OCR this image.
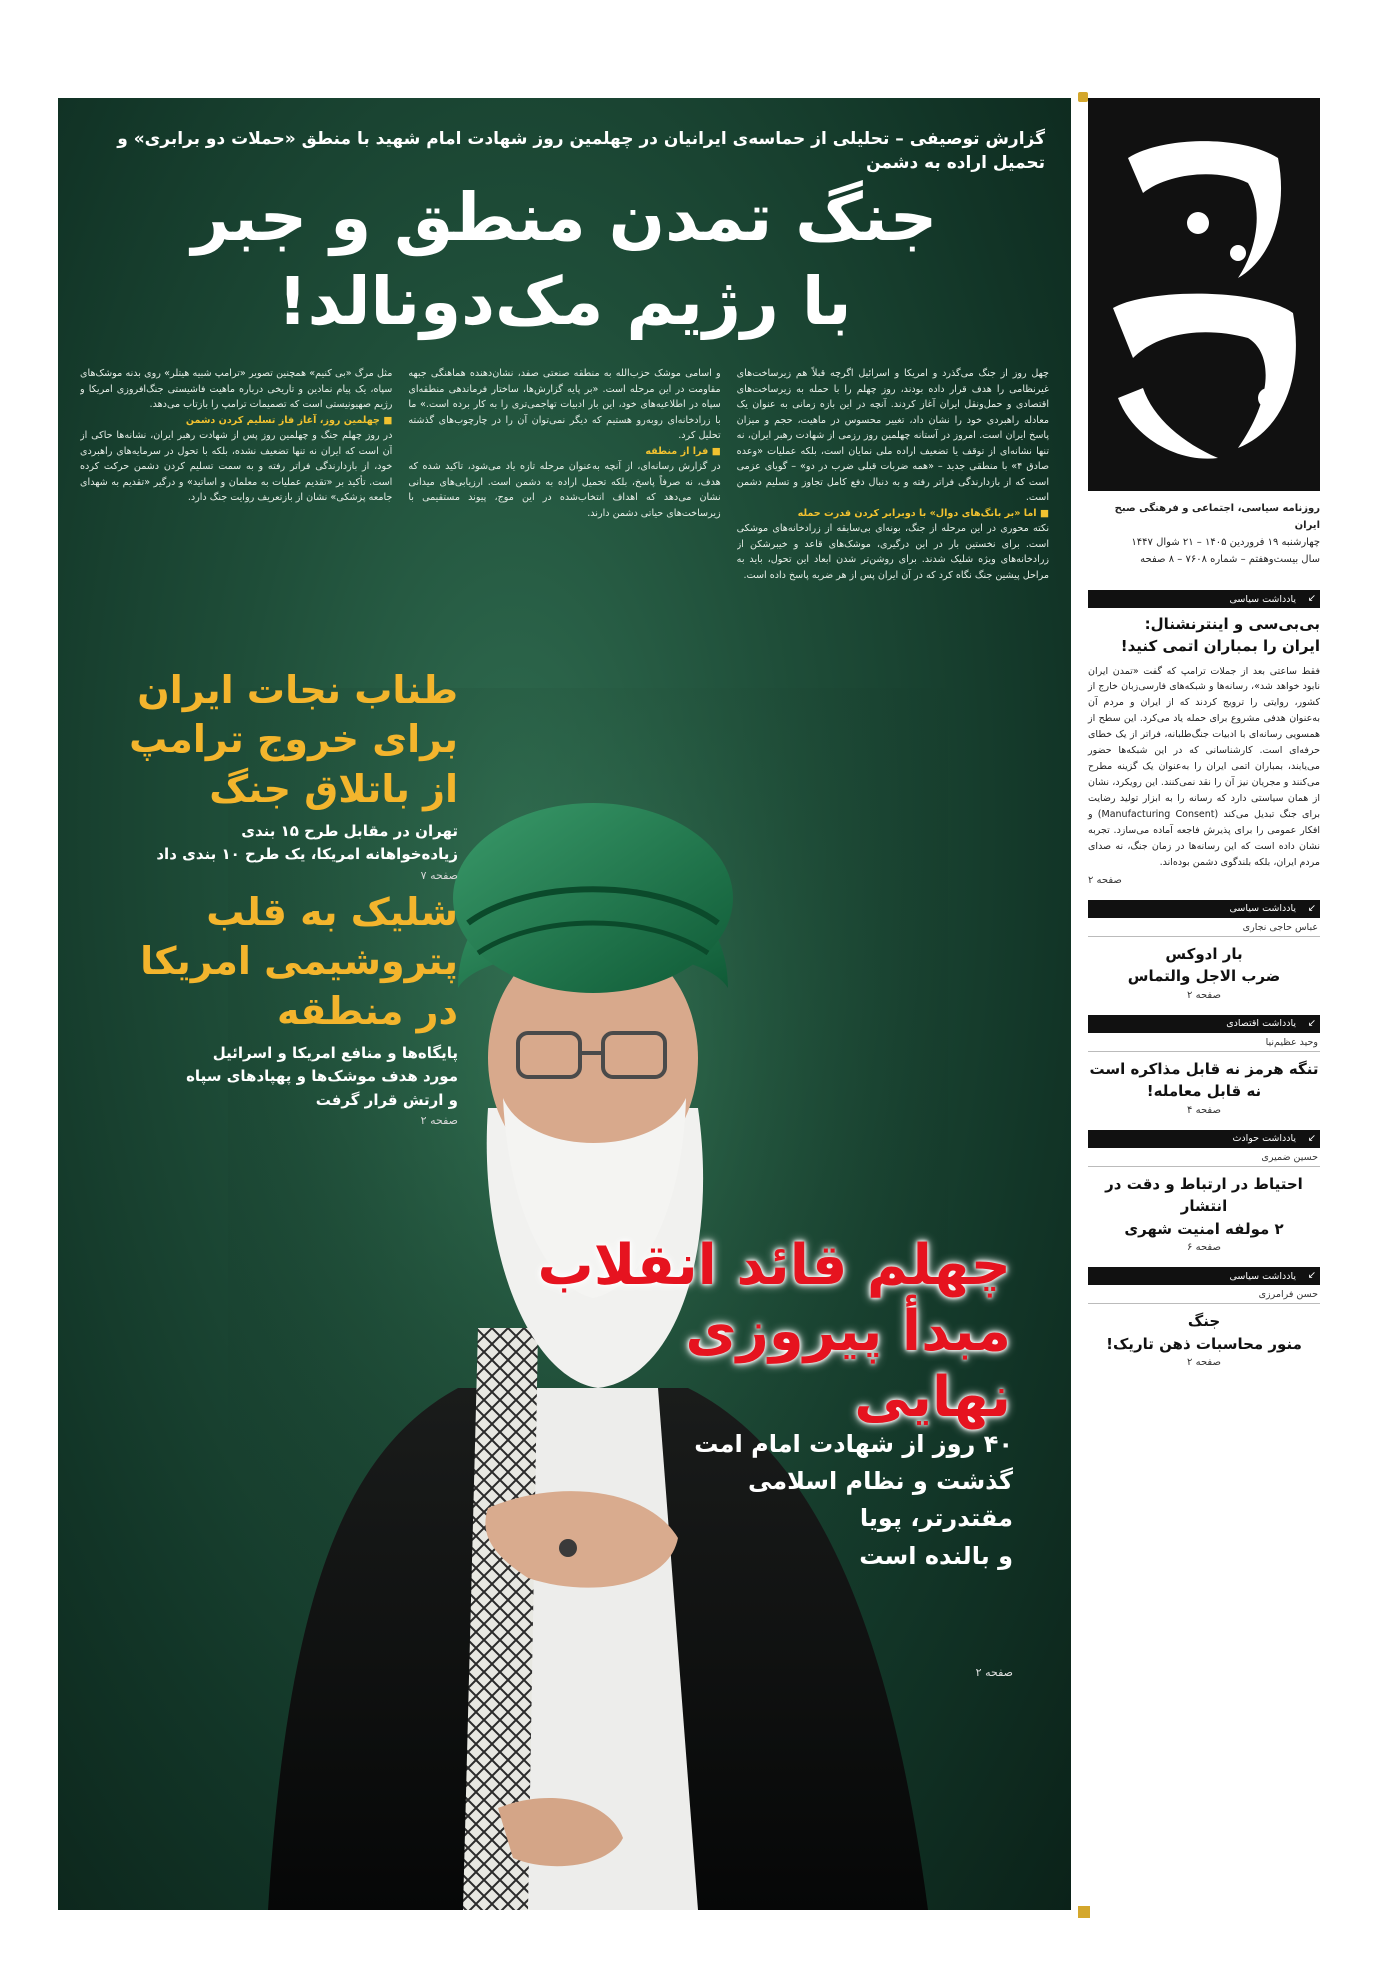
گزارش توصیفی – تحلیلی از حماسه‌ی ایرانیان در چهلمین روز شهادت امام شهید با منطق «حملات دو برابری» و تحمیل اراده به دشمن
جنگ تمدن منطق و جبر
با رژیم مک‌دونالد!
چهل روز از جنگ می‌گذرد و امریکا و اسرائیل اگرچه قبلاً هم زیرساخت‌های غیرنظامی را هدف قرار داده بودند، روز چهلم را با حمله به زیرساخت‌های اقتصادی و حمل‌ونقل ایران آغاز کردند. آنچه در این بازه زمانی به عنوان یک معادله راهبردی خود را نشان داد، تغییر محسوس در ماهیت، حجم و میزان پاسخ ایران است. امروز در آستانه چهلمین روز رزمی از شهادت رهبر ایران، نه تنها نشانه‌ای از توقف یا تضعیف اراده ملی نمایان است، بلکه عملیات «وعده صادق ۴» با منطقی جدید – «همه ضربات قبلی ضرب در دو» – گویای عزمی است که از بازدارندگی فراتر رفته و به دنبال دفع کامل تجاوز و تسلیم دشمن است.
■ اما «بر بانگ‌های دوال» با دوبرابر کردن قدرت حمله
نکته محوری در این مرحله از جنگ، بونه‌ای بی‌سابقه از زرادخانه‌های موشکی است. برای نخستین بار در این درگیری، موشک‌های قاعد و خیبرشکن از زرادخانه‌های ویژه شلیک شدند. برای روشن‌تر شدن ابعاد این تحول، باید به مراحل پیشین جنگ نگاه کرد که در آن ایران پس از هر ضربه پاسخ داده است.
و اسامی موشک حزب‌الله به منطقه صنعتی صفد، نشان‌دهنده هماهنگی جبهه مقاومت در این مرحله است. «بر پایه گزارش‌ها، ساختار فرماندهی منطقه‌ای سپاه در اطلاعیه‌های خود، این بار ادبیات تهاجمی‌تری را به کار برده است.» ما با زرادخانه‌ای روبه‌رو هستیم که دیگر نمی‌توان آن را در چارچوب‌های گذشته تحلیل کرد.
■ فرا از منطقه
در گزارش رسانه‌ای، از آنچه به‌عنوان مرحله تازه یاد می‌شود، تاکید شده که هدف، نه صرفاً پاسخ، بلکه تحمیل اراده به دشمن است. ارزیابی‌های میدانی نشان می‌دهد که اهداف انتخاب‌شده در این موج، پیوند مستقیمی با زیرساخت‌های حیاتی دشمن دارند.
مثل مرگ «بی کنیم» همچنین تصویر «ترامپ شبیه هیتلر» روی بدنه موشک‌های سپاه، یک پیام نمادین و تاریخی درباره ماهیت فاشیستی جنگ‌افروزی امریکا و رژیم صهیونیستی است که تصمیمات ترامپ را بازتاب می‌دهد.
■ چهلمین روز، آغاز فاز تسلیم کردن دشمن
در روز چهلم جنگ و چهلمین روز پس از شهادت رهبر ایران، نشانه‌ها حاکی از آن است که ایران نه تنها تضعیف نشده، بلکه با تحول در سرمایه‌های راهبردی خود، از بازدارندگی فراتر رفته و به سمت تسلیم کردن دشمن حرکت کرده است. تأکید بر «تقدیم عملیات به معلمان و اساتید» و درگیر «تقدیم به شهدای جامعه پزشکی» نشان از بازتعریف روایت جنگ دارد.
طناب نجات ایران
برای خروج ترامپ
از باتلاق جنگ
تهران در مقابل طرح ۱۵ بندی
زیاده‌خواهانه امریکا، یک طرح ۱۰ بندی داد
صفحه ۷
شلیک به قلب
پتروشیمی امریکا
در منطقه
پایگاه‌ها و منافع امریکا و اسرائیل
مورد هدف موشک‌ها و پهپادهای سپاه
و ارتش قرار گرفت
صفحه ۲
چهلم قائد انقلاب
مبدأ پیروزی نهایی
۴۰ روز از شهادت امام امت
گذشت و نظام اسلامی
مقتدرتر، پویا
و بالنده است
صفحه ۲
روزنامه سیاسی، اجتماعی و فرهنگی صبح ایران
چهارشنبه ۱۹ فروردین ۱۴۰۵ – ۲۱ شوال ۱۴۴۷
سال بیست‌وهفتم – شماره ۷۶۰۸ – ۸ صفحه
↙
یادداشت سیاسی
بی‌بی‌سی و اینترنشنال:
ایران را بمباران اتمی کنید!
فقط ساعتی بعد از جملات ترامپ که گفت «تمدن ایران نابود خواهد شد»، رسانه‌ها و شبکه‌های فارسی‌زبان خارج از کشور، روایتی را ترویج کردند که از ایران و مردم آن به‌عنوان هدفی مشروع برای حمله یاد می‌کرد. این سطح از همسویی رسانه‌ای با ادبیات جنگ‌طلبانه، فراتر از یک خطای حرفه‌ای است. کارشناسانی که در این شبکه‌ها حضور می‌یابند، بمباران اتمی ایران را به‌عنوان یک گزینه مطرح می‌کنند و مجریان نیز آن را نقد نمی‌کنند. این رویکرد، نشان از همان سیاستی دارد که رسانه را به ابزار تولید رضایت برای جنگ تبدیل می‌کند (Manufacturing Consent) و افکار عمومی را برای پذیرش فاجعه آماده می‌سازد. تجربه نشان داده است که این رسانه‌ها در زمان جنگ، نه صدای مردم ایران، بلکه بلندگوی دشمن بوده‌اند.
صفحه ۲
↙
یادداشت سیاسی
عباس حاجی نجاری
بار ادوکس
ضرب الاجل والتماس
صفحه ۲
↙
یادداشت اقتصادی
وحید عظیم‌نیا
تنگه هرمز نه قابل مذاکره است
نه قابل معامله!
صفحه ۴
↙
یادداشت حوادث
حسین ضمیری
احتیاط در ارتباط و دقت در انتشار
۲ مولفه امنیت شهری
صفحه ۶
↙
یادداشت سیاسی
حسن فرامرزی
جنگ
منور محاسبات ذهن تاریک!
صفحه ۲
